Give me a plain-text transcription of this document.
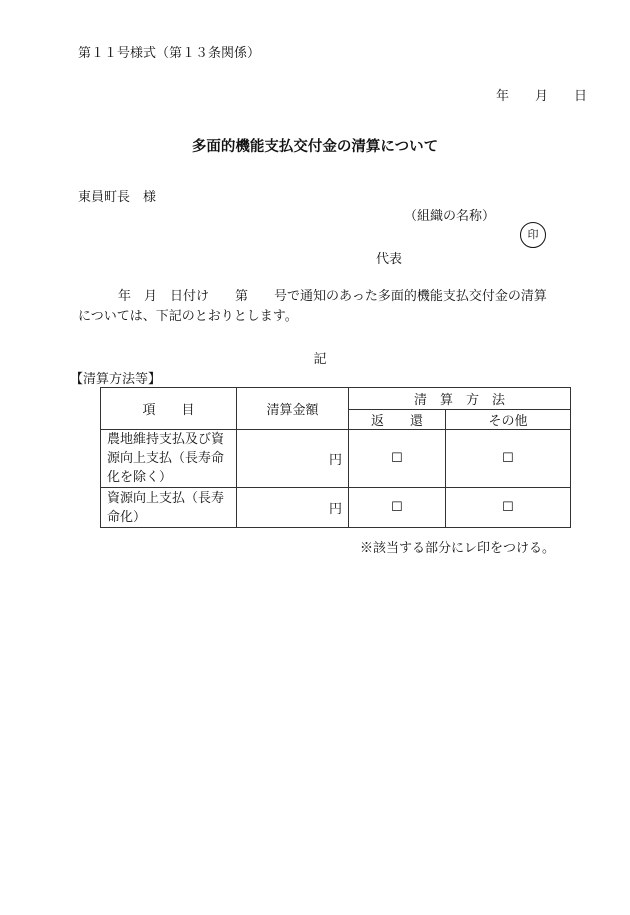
第１１号様式（第１３条関係）
年 月 日
多面的機能支払交付金の清算について
東員町長　様
（組織の名称）
印
代表
年　月　日付け　　第　　号で通知のあった多面的機能支払交付金の清算
については、下記のとおりとします。
記
【清算方法等】
項　　目	清算金額	清　算　方　法	
		返　　還	その他

農地維持支払及び資源向上支払（長寿命化を除く）	円	☐	☐

資源向上支払（長寿命化）	円	☐	☐
※該当する部分にレ印をつける。
